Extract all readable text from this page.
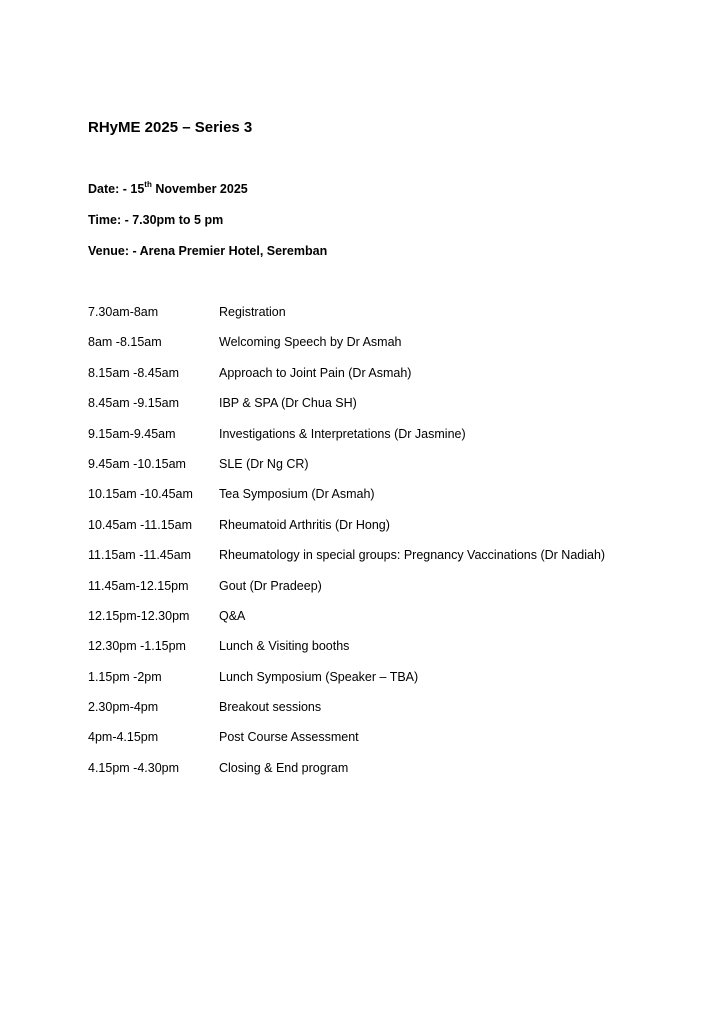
RHyME 2025 – Series 3
Date: - 15th November 2025
Time: - 7.30pm to 5 pm
Venue: - Arena Premier Hotel, Seremban
7.30am-8am	Registration
8am -8.15am	Welcoming Speech by Dr Asmah
8.15am -8.45am	Approach to Joint Pain (Dr Asmah)
8.45am -9.15am	IBP & SPA (Dr Chua SH)
9.15am-9.45am	Investigations & Interpretations (Dr Jasmine)
9.45am -10.15am	SLE (Dr Ng CR)
10.15am -10.45am	Tea Symposium (Dr Asmah)
10.45am -11.15am	Rheumatoid Arthritis (Dr Hong)
11.15am -11.45am	Rheumatology in special groups: Pregnancy Vaccinations (Dr Nadiah)
11.45am-12.15pm	Gout (Dr Pradeep)
12.15pm-12.30pm	Q&A
12.30pm -1.15pm	Lunch & Visiting booths
1.15pm -2pm	Lunch Symposium (Speaker – TBA)
2.30pm-4pm	Breakout sessions
4pm-4.15pm	Post Course Assessment
4.15pm -4.30pm	Closing & End program
